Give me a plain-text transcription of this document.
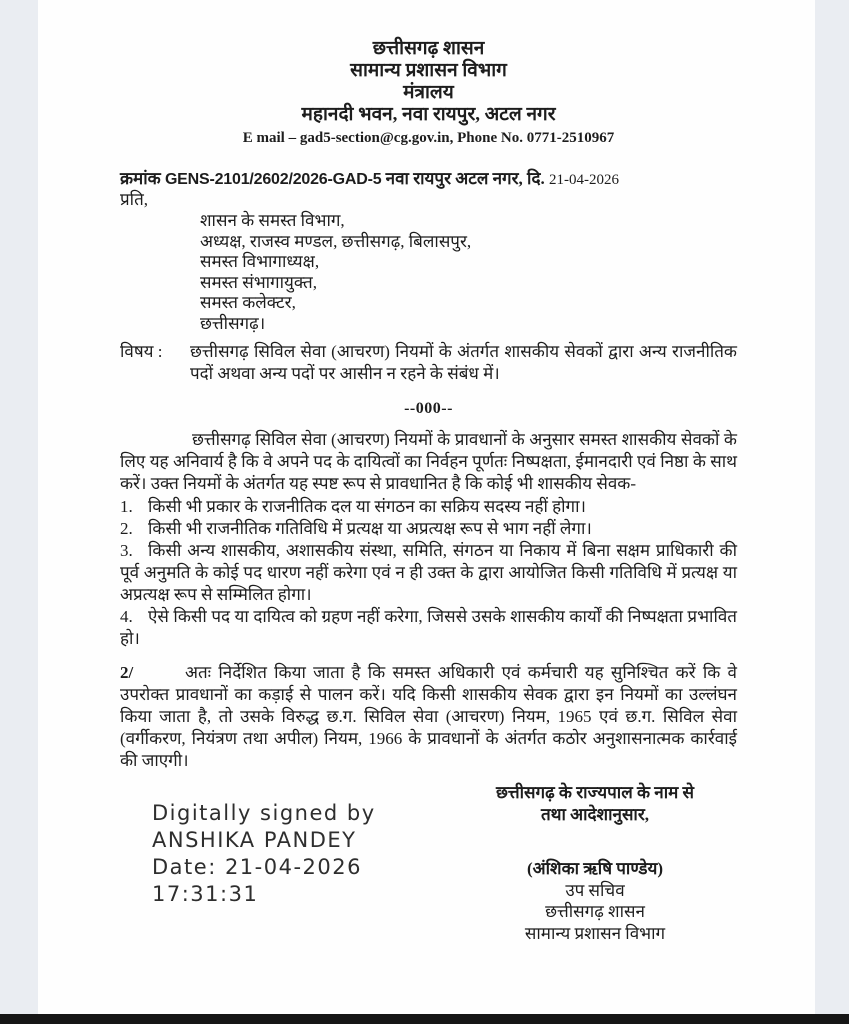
छत्तीसगढ़ शासन
सामान्य प्रशासन विभाग
मंत्रालय
महानदी भवन, नवा रायपुर, अटल नगर
E mail – gad5-section@cg.gov.in, Phone No. 0771-2510967
क्रमांक GENS-2101/2602/2026-GAD-5 नवा रायपुर अटल नगर, दि. 21-04-2026
प्रति,
शासन के समस्त विभाग,
अध्यक्ष, राजस्व मण्डल, छत्तीसगढ़, बिलासपुर,
समस्त विभागाध्यक्ष,
समस्त संभागायुक्त,
समस्त कलेक्टर,
छत्तीसगढ़।
विषय :	छत्तीसगढ़ सिविल सेवा (आचरण) नियमों के अंतर्गत शासकीय सेवकों द्वारा अन्य राजनीतिक पदों अथवा अन्य पदों पर आसीन न रहने के संबंध में।
--000--
छत्तीसगढ़ सिविल सेवा (आचरण) नियमों के प्रावधानों के अनुसार समस्त शासकीय सेवकों के लिए यह अनिवार्य है कि वे अपने पद के दायित्वों का निर्वहन पूर्णतः निष्पक्षता, ईमानदारी एवं निष्ठा के साथ करें। उक्त नियमों के अंतर्गत यह स्पष्ट रूप से प्रावधानित है कि कोई भी शासकीय सेवक-
1. किसी भी प्रकार के राजनीतिक दल या संगठन का सक्रिय सदस्य नहीं होगा।
2. किसी भी राजनीतिक गतिविधि में प्रत्यक्ष या अप्रत्यक्ष रूप से भाग नहीं लेगा।
3. किसी अन्य शासकीय, अशासकीय संस्था, समिति, संगठन या निकाय में बिना सक्षम प्राधिकारी की पूर्व अनुमति के कोई पद धारण नहीं करेगा एवं न ही उक्त के द्वारा आयोजित किसी गतिविधि में प्रत्यक्ष या अप्रत्यक्ष रूप से सम्मिलित होगा।
4. ऐसे किसी पद या दायित्व को ग्रहण नहीं करेगा, जिससे उसके शासकीय कार्यों की निष्पक्षता प्रभावित हो।
2/	अतः निर्देशित किया जाता है कि समस्त अधिकारी एवं कर्मचारी यह सुनिश्चित करें कि वे उपरोक्त प्रावधानों का कड़ाई से पालन करें। यदि किसी शासकीय सेवक द्वारा इन नियमों का उल्लंघन किया जाता है, तो उसके विरुद्ध छ.ग. सिविल सेवा (आचरण) नियम, 1965 एवं छ.ग. सिविल सेवा (वर्गीकरण, नियंत्रण तथा अपील) नियम, 1966 के प्रावधानों के अंतर्गत कठोर अनुशासनात्मक कार्रवाई की जाएगी।
छत्तीसगढ़ के राज्यपाल के नाम से
तथा आदेशानुसार,
Digitally signed by
ANSHIKA PANDEY
Date: 21-04-2026
17:31:31
(अंशिका ऋषि पाण्डेय)
उप सचिव
छत्तीसगढ़ शासन
सामान्य प्रशासन विभाग
